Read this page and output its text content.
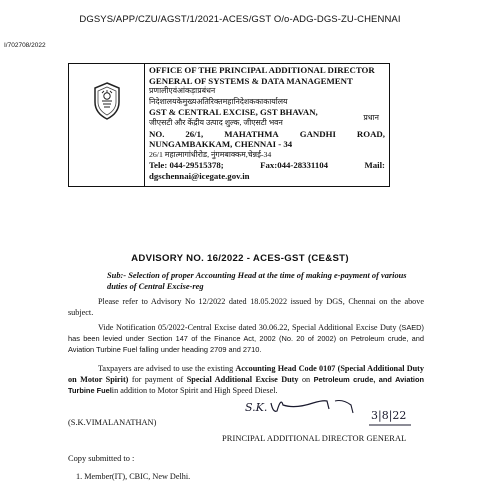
DGSYS/APP/CZU/AGST/1/2021-ACES/GST O/o-ADG-DGS-ZU-CHENNAI
I/702708/2022
OFFICE OF THE PRINCIPAL ADDITIONAL DIRECTOR
GENERAL OF SYSTEMS & DATA MANAGEMENT
प्रणालीएवंआंकड़ाप्रबंधन
निदेशालयकेमुख्यअतिरिक्तमहानिदेशककाकार्यालय
GST & CENTRAL EXCISE, GST BHAVAN,
जीएसटी और केंद्रीय उत्पाद शुल्क, जीएसटी भवन
NO. 26/1, MAHATHMA GANDHI ROAD,
NUNGAMBAKKAM, CHENNAI - 34
26/1 महात्मागांधीरोड, नुंगमबाक्कम,चेन्नई-34
Tele: 044-29515378;	Fax:044-28331104	Mail:
dgschennai@icegate.gov.in
प्रधान
ADVISORY NO. 16/2022 - ACES-GST (CE&ST)
Sub:- Selection of proper Accounting Head at the time of making e-payment of various duties of Central Excise-reg
Please refer to Advisory No 12/2022 dated 18.05.2022 issued by DGS, Chennai on the above subject.
Vide Notification 05/2022-Central Excise dated 30.06.22, Special Additional Excise Duty (SAED) has been levied under Section 147 of the Finance Act, 2002 (No. 20 of 2002) on Petroleum crude, and Aviation Turbine Fuel falling under heading 2709 and 2710.
Taxpayers are advised to use the existing Accounting Head Code 0107 (Special Additional Duty on Motor Spirit) for payment of Special Additional Excise Duty on Petroleum crude, and Aviation Turbine Fuelin addition to Motor Spirit and High Speed Diesel.
S.K.
3|8|22
(S.K.VIMALANATHAN)
PRINCIPAL ADDITIONAL DIRECTOR GENERAL
Copy submitted to :
1. Member(IT), CBIC, New Delhi.
